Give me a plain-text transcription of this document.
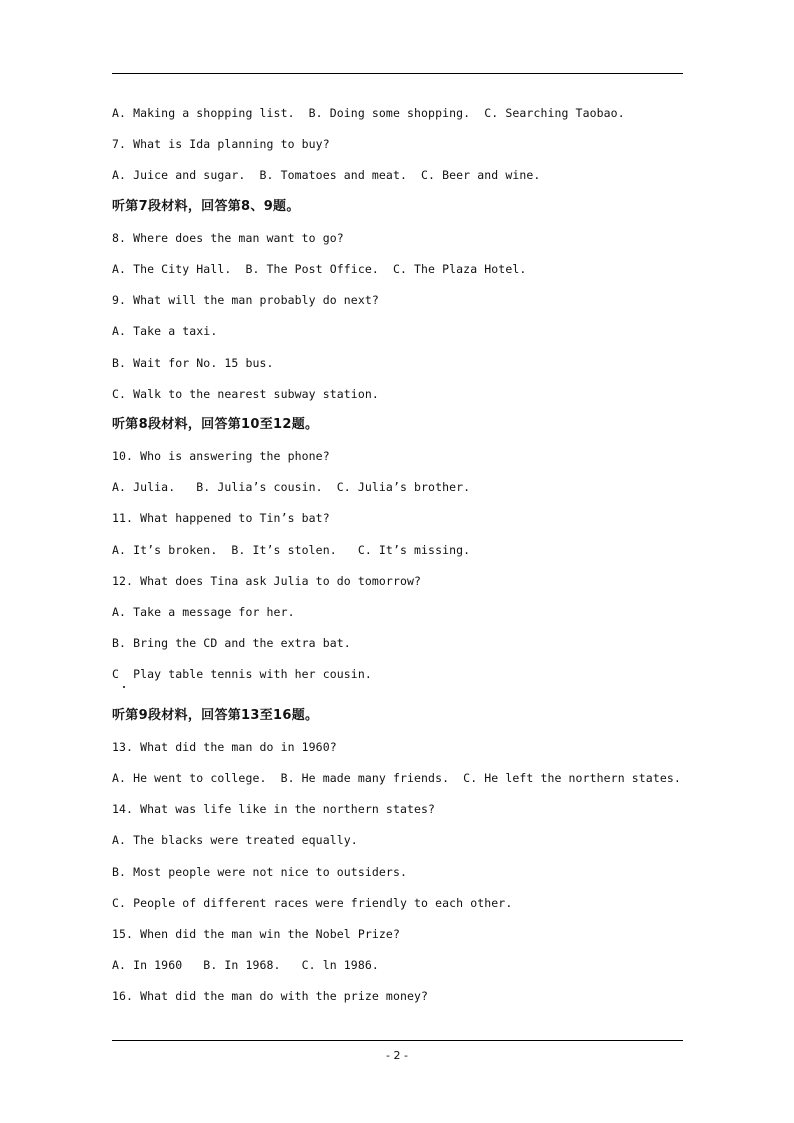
A. Making a shopping list.  B. Doing some shopping.  C. Searching Taobao.
7. What is Ida planning to buy?
A. Juice and sugar.  B. Tomatoes and meat.  C. Beer and wine.
听第7段材料，回答第8、9题。
8. Where does the man want to go?
A. The City Hall.  B. The Post Office.  C. The Plaza Hotel.
9. What will the man probably do next?
A. Take a taxi.
B. Wait for No. 15 bus.
C. Walk to the nearest subway station.
听第8段材料，回答第10至12题。
10. Who is answering the phone?
A. Julia.   B. Julia’s cousin.  C. Julia’s brother.
11. What happened to Tin’s bat?
A. It’s broken.  B. It’s stolen.   C. It’s missing.
12. What does Tina ask Julia to do tomorrow?
A. Take a message for her.
B. Bring the CD and the extra bat.
C  Play table tennis with her cousin.
听第9段材料，回答第13至16题。
13. What did the man do in 1960?
A. He went to college.  B. He made many friends.  C. He left the northern states.
14. What was life like in the northern states?
A. The blacks were treated equally.
B. Most people were not nice to outsiders.
C. People of different races were friendly to each other.
15. When did the man win the Nobel Prize?
A. In 1960   B. In 1968.   C. ln 1986.
16. What did the man do with the prize money?
- 2 -
